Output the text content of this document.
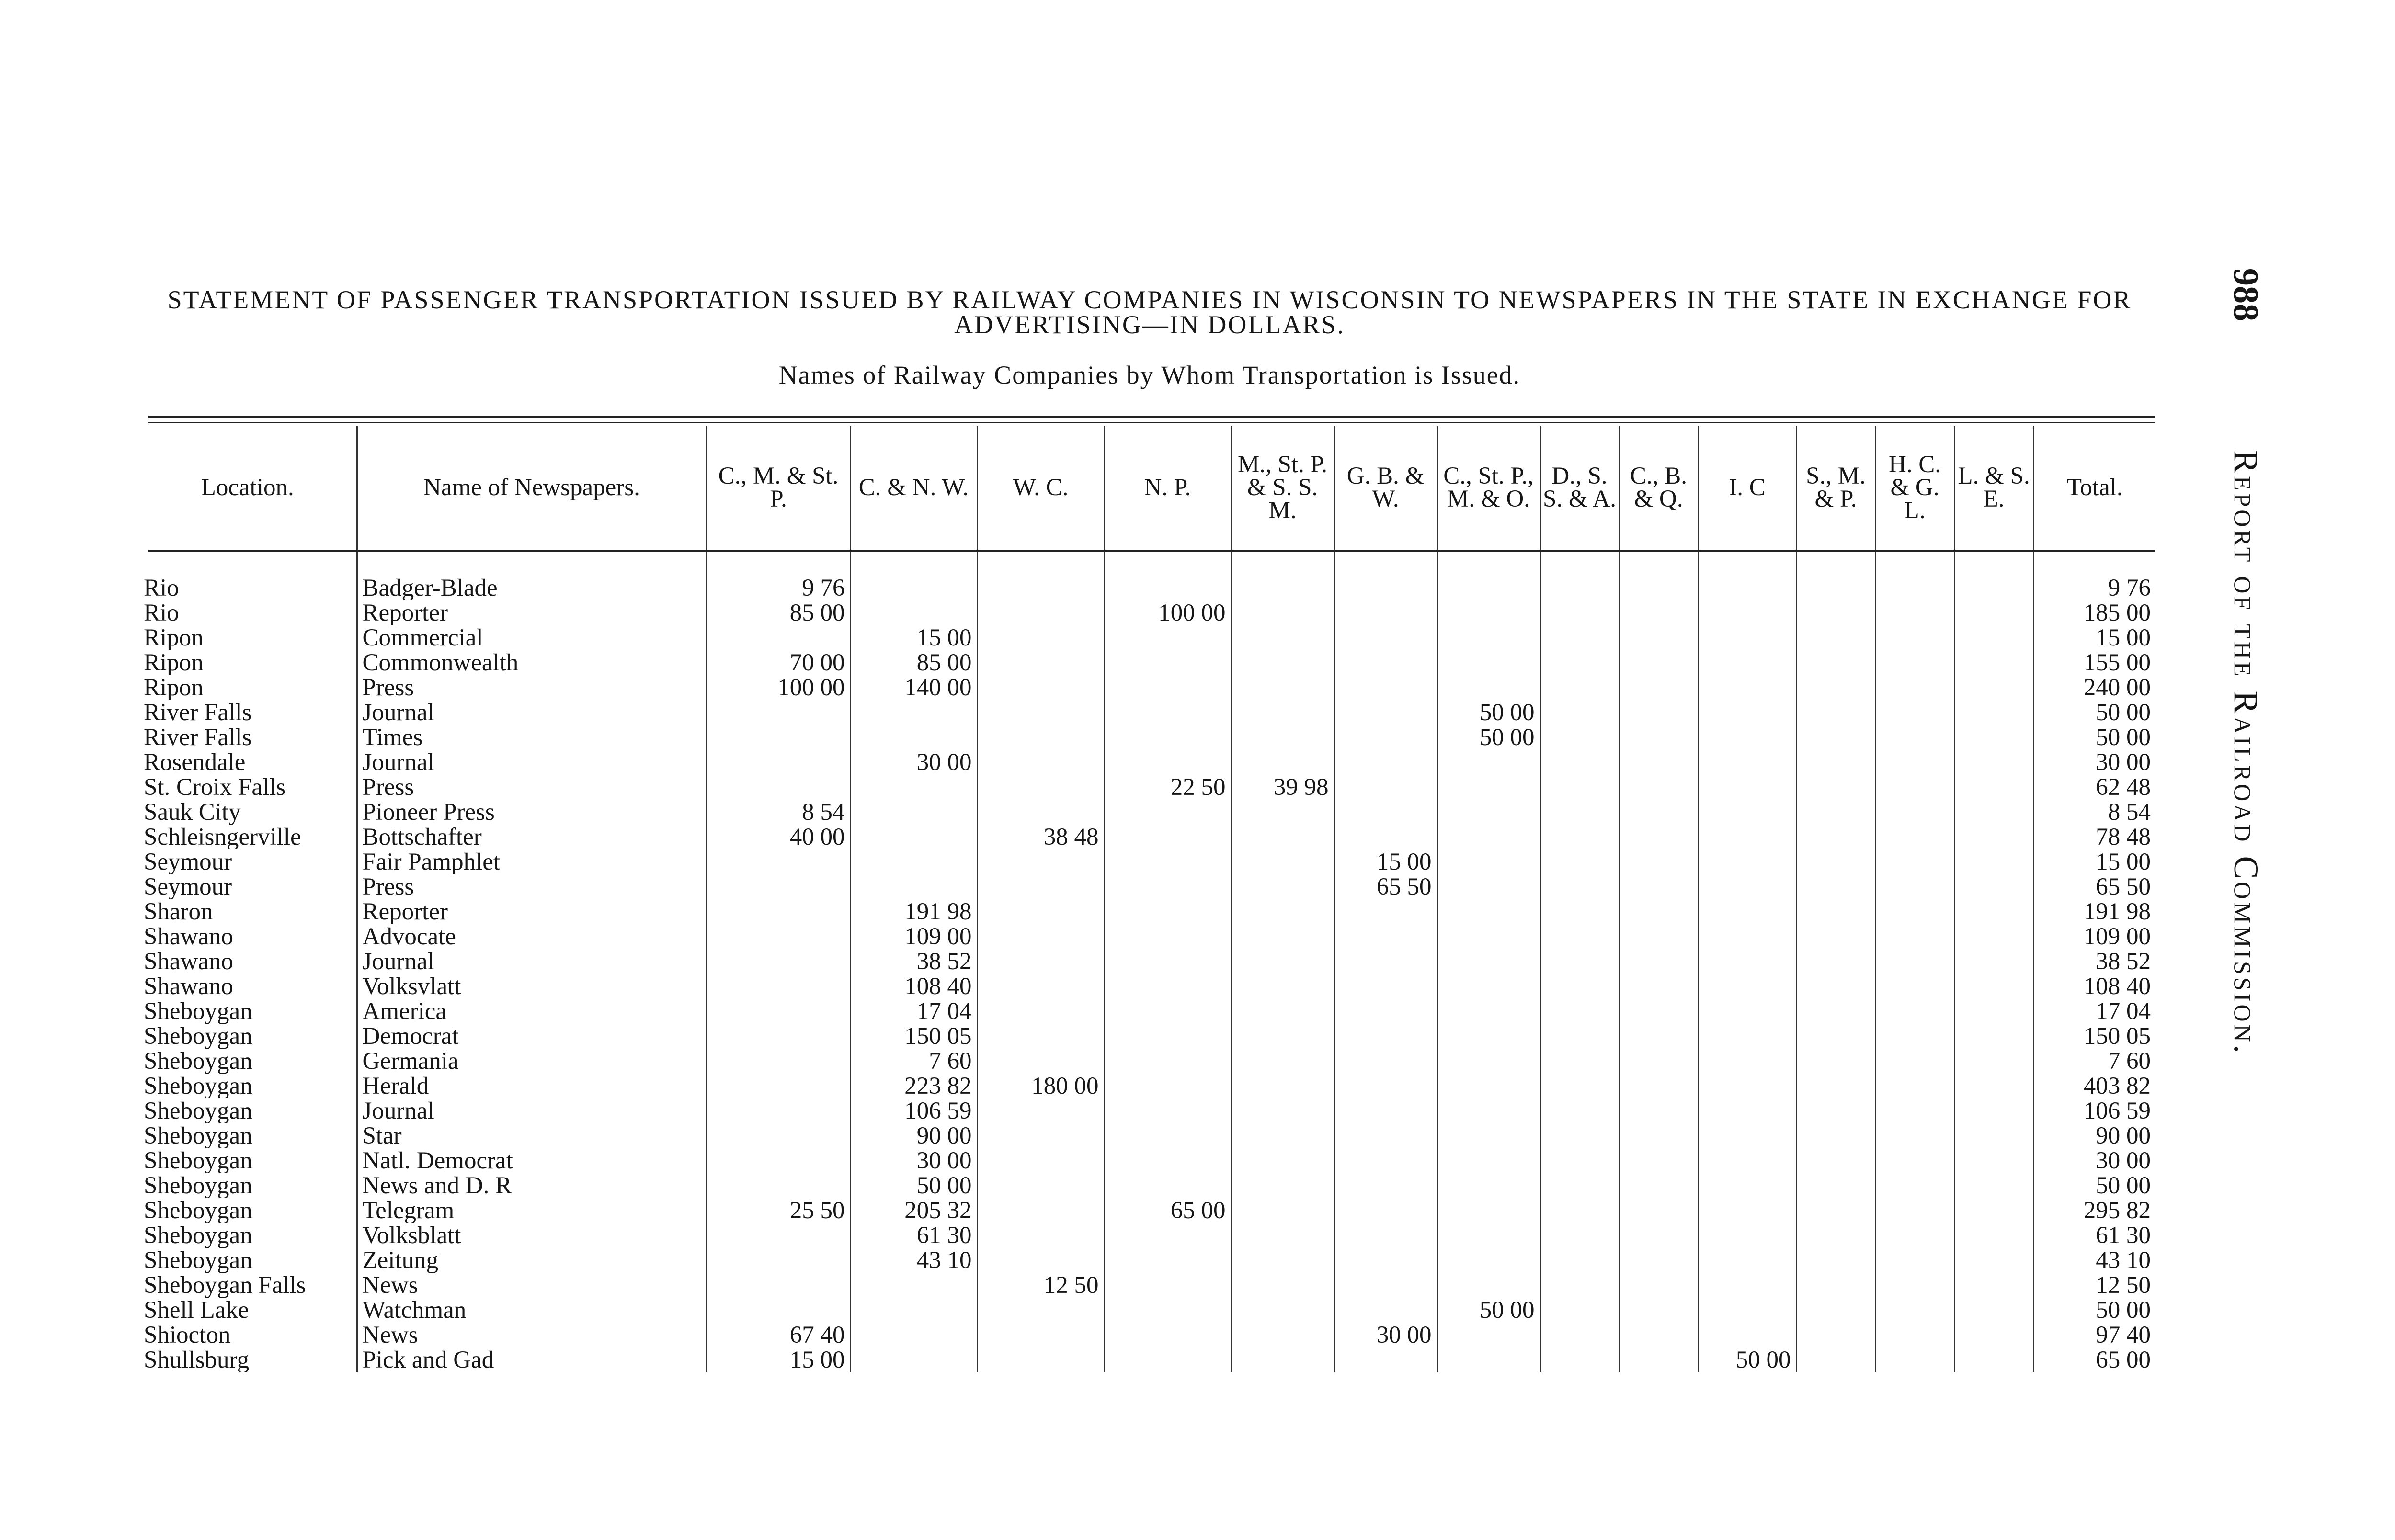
STATEMENT OF PASSENGER TRANSPORTATION ISSUED BY RAILWAY COMPANIES IN WISCONSIN TO NEWSPAPERS IN THE STATE IN EXCHANGE FOR ADVERTISING—IN DOLLARS.
Names of Railway Companies by Whom Transportation is Issued.
988
Report of the Railroad Commission.
Location.	Name of Newspapers.	C., M. & St. P.	C. & N. W.	W. C.	N. P.	M., St. P. & S. S. M.	G. B. & W.	C., St. P., M. & O.	D., S. S. & A.	C., B. & Q.	I. C	S., M. & P.	H. C. & G. L.	L. & S. E.	Total.
Rio	Badger-Blade	9 76													9 76
Rio	Reporter	85 00			100 00										185 00
Ripon	Commercial		15 00												15 00
Ripon	Commonwealth	70 00	85 00												155 00
Ripon	Press	100 00	140 00												240 00
River Falls	Journal							50 00							50 00
River Falls	Times							50 00							50 00
Rosendale	Journal		30 00												30 00
St. Croix Falls	Press				22 50	39 98									62 48
Sauk City	Pioneer Press	8 54													8 54
Schleisngerville	Bottschafter	40 00		38 48											78 48
Seymour	Fair Pamphlet						15 00								15 00
Seymour	Press						65 50								65 50
Sharon	Reporter		191 98												191 98
Shawano	Advocate		109 00												109 00
Shawano	Journal		38 52												38 52
Shawano	Volksvlatt		108 40												108 40
Sheboygan	America		17 04												17 04
Sheboygan	Democrat		150 05												150 05
Sheboygan	Germania		7 60												7 60
Sheboygan	Herald		223 82	180 00											403 82
Sheboygan	Journal		106 59												106 59
Sheboygan	Star		90 00												90 00
Sheboygan	Natl. Democrat		30 00												30 00
Sheboygan	News and D. R		50 00												50 00
Sheboygan	Telegram	25 50	205 32		65 00										295 82
Sheboygan	Volksblatt		61 30												61 30
Sheboygan	Zeitung		43 10												43 10
Sheboygan Falls	News			12 50											12 50
Shell Lake	Watchman							50 00							50 00
Shiocton	News	67 40					30 00								97 40
Shullsburg	Pick and Gad	15 00									50 00				65 00
